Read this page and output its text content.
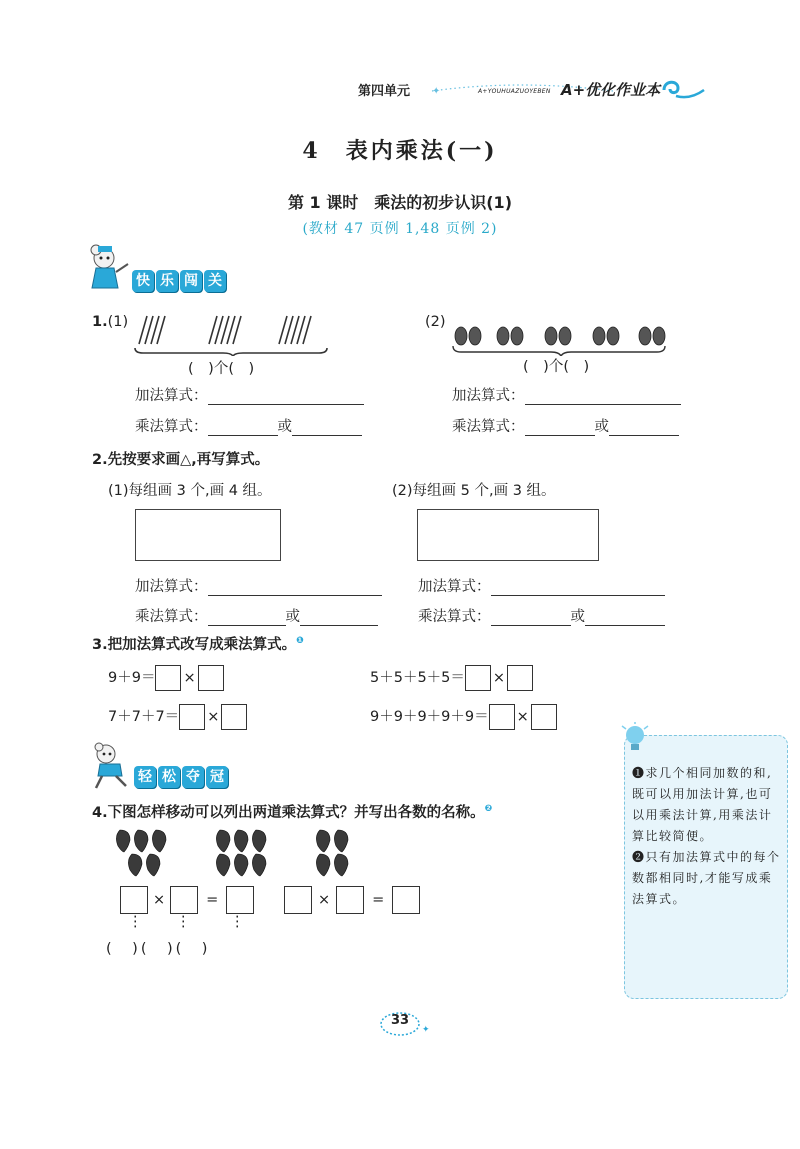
第四单元 ✦	A+YOUHUAZUOYEBEN A+优化作业本
4　表内乘法(一)
第 1 课时　乘法的初步认识(1)
(教材 47 页例 1,48 页例 2)
快 乐 闯 关
1.(1)
(　)个(　)
(2)
(　)个(　)
加法算式：
乘法算式：	或
加法算式：
乘法算式：	或
2.先按要求画△,再写算式。
(1)每组画 3 个,画 4 组。	(2)每组画 5 个,画 3 组。
加法算式：
乘法算式：	或
加法算式：
乘法算式：	或
3.把加法算式改写成乘法算式。$^❶$
9＋9＝ ×	5＋5＋5＋5＝ ×
7＋7＋7＝ ×	9＋9＋9＋9＋9＝ ×
❶求几个相同加数的和,既可以用加法计算,也可以用乘法计算,用乘法计算比较简便。
❷只有加法算式中的每个数都相同时,才能写成乘法算式。
轻 松 夺 冠
4.下图怎样移动可以列出两道乘法算式？并写出各数的名称。$^❷$
×	=	×	=
⋮ ⋮	⋮
(　)(　)(　)
✦
33
